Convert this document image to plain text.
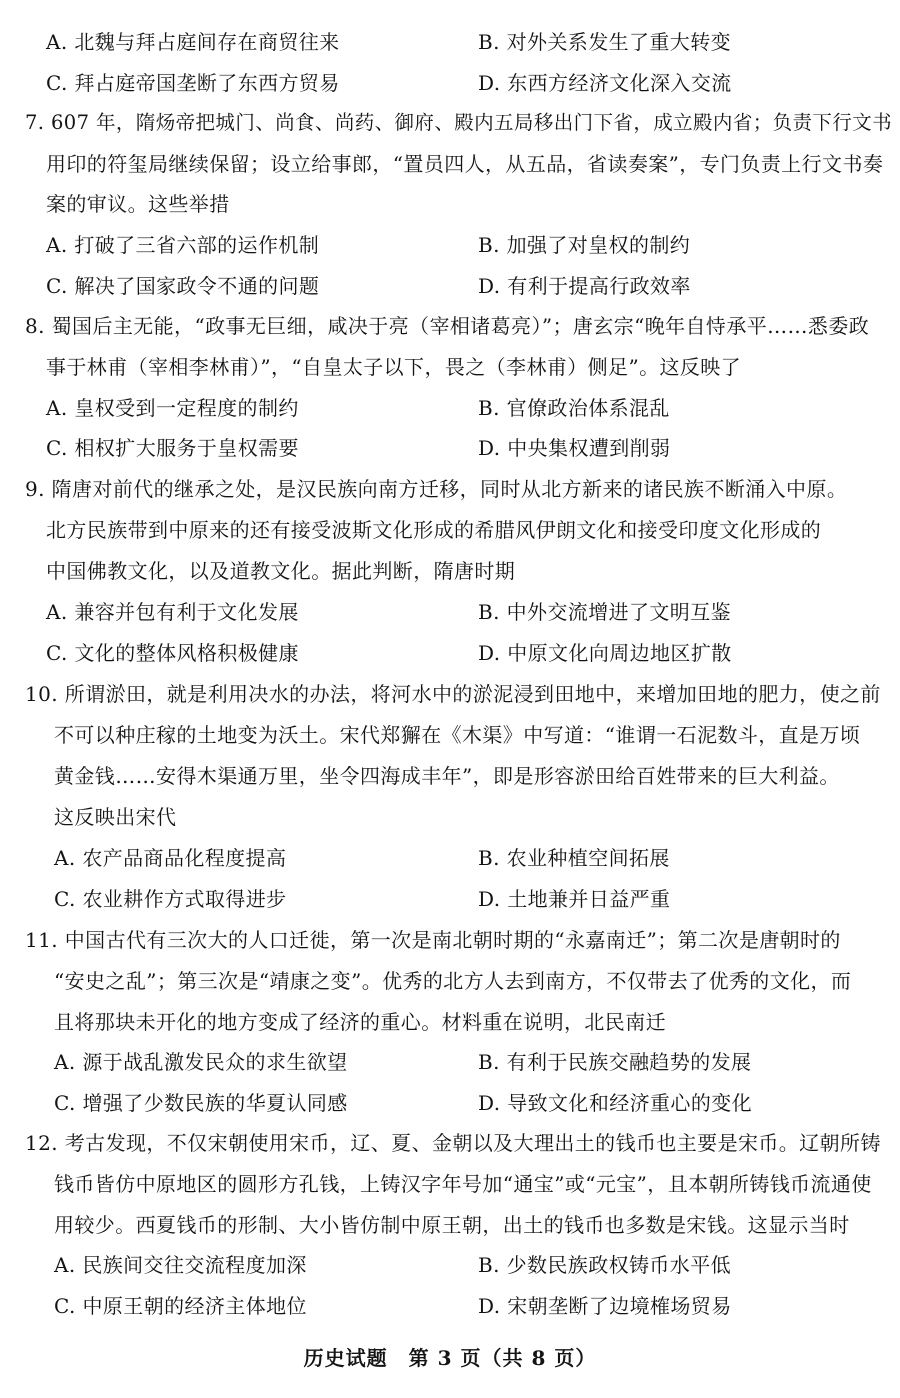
A. 北魏与拜占庭间存在商贸往来	B. 对外关系发生了重大转变
C. 拜占庭帝国垄断了东西方贸易	D. 东西方经济文化深入交流
7. 607 年，隋炀帝把城门、尚食、尚药、御府、殿内五局移出门下省，成立殿内省；负责下行文书
用印的符玺局继续保留；设立给事郎，“置员四人，从五品，省读奏案”，专门负责上行文书奏
案的审议。这些举措
A. 打破了三省六部的运作机制	B. 加强了对皇权的制约
C. 解决了国家政令不通的问题	D. 有利于提高行政效率
8. 蜀国后主无能，“政事无巨细，咸决于亮（宰相诸葛亮）”；唐玄宗“晚年自恃承平……悉委政
事于林甫（宰相李林甫）”，“自皇太子以下，畏之（李林甫）侧足”。这反映了
A. 皇权受到一定程度的制约	B. 官僚政治体系混乱
C. 相权扩大服务于皇权需要	D. 中央集权遭到削弱
9. 隋唐对前代的继承之处，是汉民族向南方迁移，同时从北方新来的诸民族不断涌入中原。
北方民族带到中原来的还有接受波斯文化形成的希腊风伊朗文化和接受印度文化形成的
中国佛教文化，以及道教文化。据此判断，隋唐时期
A. 兼容并包有利于文化发展	B. 中外交流增进了文明互鉴
C. 文化的整体风格积极健康	D. 中原文化向周边地区扩散
10. 所谓淤田，就是利用决水的办法，将河水中的淤泥浸到田地中，来增加田地的肥力，使之前
不可以种庄稼的土地变为沃土。宋代郑獬在《木渠》中写道：“谁谓一石泥数斗，直是万顷
黄金钱……安得木渠通万里，坐令四海成丰年”，即是形容淤田给百姓带来的巨大利益。
这反映出宋代
A. 农产品商品化程度提高	B. 农业种植空间拓展
C. 农业耕作方式取得进步	D. 土地兼并日益严重
11. 中国古代有三次大的人口迁徙，第一次是南北朝时期的“永嘉南迁”；第二次是唐朝时的
“安史之乱”；第三次是“靖康之变”。优秀的北方人去到南方，不仅带去了优秀的文化，而
且将那块未开化的地方变成了经济的重心。材料重在说明，北民南迁
A. 源于战乱激发民众的求生欲望	B. 有利于民族交融趋势的发展
C. 增强了少数民族的华夏认同感	D. 导致文化和经济重心的变化
12. 考古发现，不仅宋朝使用宋币，辽、夏、金朝以及大理出土的钱币也主要是宋币。辽朝所铸
钱币皆仿中原地区的圆形方孔钱，上铸汉字年号加“通宝”或“元宝”，且本朝所铸钱币流通使
用较少。西夏钱币的形制、大小皆仿制中原王朝，出土的钱币也多数是宋钱。这显示当时
A. 民族间交往交流程度加深	B. 少数民族政权铸币水平低
C. 中原王朝的经济主体地位	D. 宋朝垄断了边境榷场贸易
历史试题　第 3 页（共 8 页）
